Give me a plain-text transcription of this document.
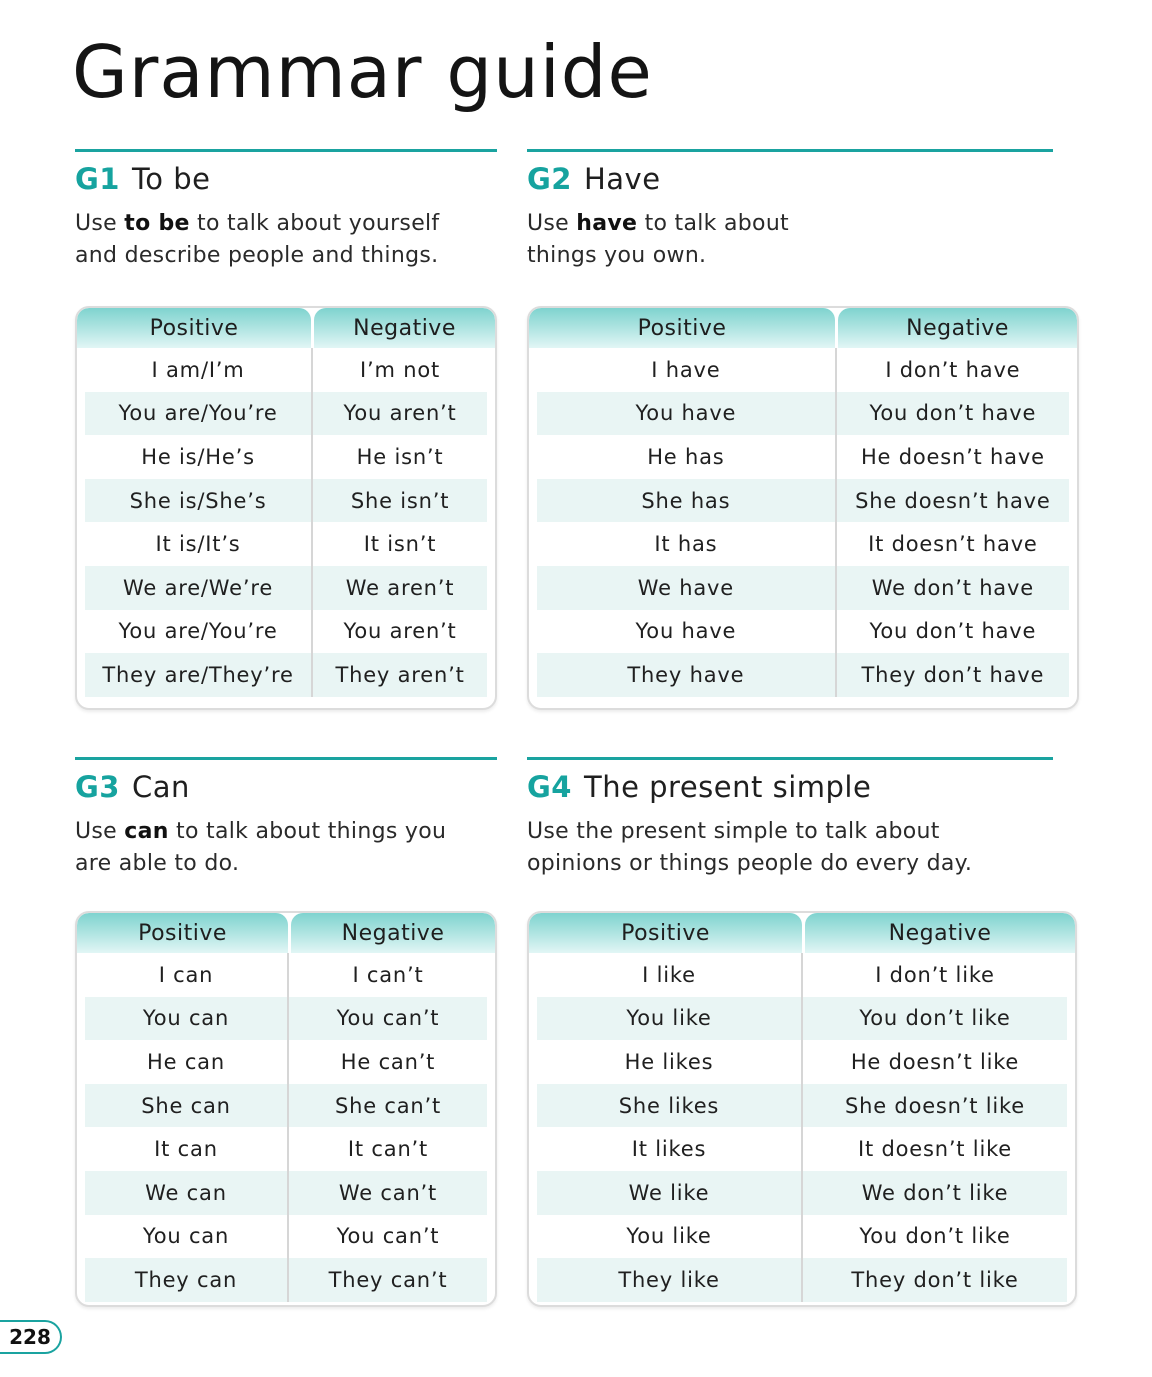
Grammar guide
G1 To be

Use to be to talk about yourself and describe people and things.

Positive	Negative
I am/I’m	I’m not
You are/You’re	You aren’t
He is/He’s	He isn’t
She is/She’s	She isn’t
It is/It’s	It isn’t
We are/We’re	We aren’t
You are/You’re	You aren’t
They are/They’re	They aren’t
G2 Have

Use have to talk about things you own.

Positive	Negative
I have	I don’t have
You have	You don’t have
He has	He doesn’t have
She has	She doesn’t have
It has	It doesn’t have
We have	We don’t have
You have	You don’t have
They have	They don’t have
G3 Can

Use can to talk about things you are able to do.

Positive	Negative
I can	I can’t
You can	You can’t
He can	He can’t
She can	She can’t
It can	It can’t
We can	We can’t
You can	You can’t
They can	They can’t
G4 The present simple

Use the present simple to talk about opinions or things people do every day.

Positive	Negative
I like	I don’t like
You like	You don’t like
He likes	He doesn’t like
She likes	She doesn’t like
It likes	It doesn’t like
We like	We don’t like
You like	You don’t like
They like	They don’t like
228
